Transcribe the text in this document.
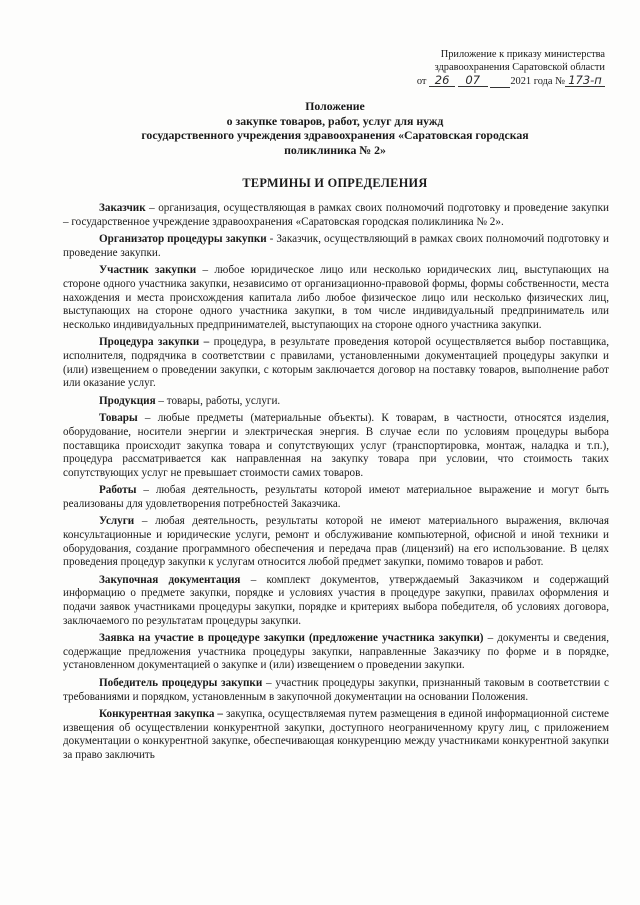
Приложение к приказу министерства
здравоохранения Саратовской области
от 26 07	2021 года № 173-п
Положение
о закупке товаров, работ, услуг для нужд
государственного учреждения здравоохранения «Саратовская городская
поликлиника № 2»
ТЕРМИНЫ И ОПРЕДЕЛЕНИЯ

Заказчик – организация, осуществляющая в рамках своих полномочий подготовку и проведение закупки – государственное учреждение здравоохранения «Саратовская городская поликлиника № 2».

Организатор процедуры закупки - Заказчик, осуществляющий в рамках своих полномочий подготовку и проведение закупки.

Участник закупки – любое юридическое лицо или несколько юридических лиц, выступающих на стороне одного участника закупки, независимо от организационно-правовой формы, формы собственности, места нахождения и места происхождения капитала либо любое физическое лицо или несколько физических лиц, выступающих на стороне одного участника закупки, в том числе индивидуальный предприниматель или несколько индивидуальных предпринимателей, выступающих на стороне одного участника закупки.

Процедура закупки – процедура, в результате проведения которой осуществляется выбор поставщика, исполнителя, подрядчика в соответствии с правилами, установленными документацией процедуры закупки и (или) извещением о проведении закупки, с которым заключается договор на поставку товаров, выполнение работ или оказание услуг.

Продукция – товары, работы, услуги.

Товары – любые предметы (материальные объекты). К товарам, в частности, относятся изделия, оборудование, носители энергии и электрическая энергия. В случае если по условиям процедуры выбора поставщика происходит закупка товара и сопутствующих услуг (транспортировка, монтаж, наладка и т.п.), процедура рассматривается как направленная на закупку товара при условии, что стоимость таких сопутствующих услуг не превышает стоимости самих товаров.

Работы – любая деятельность, результаты которой имеют материальное выражение и могут быть реализованы для удовлетворения потребностей Заказчика.

Услуги – любая деятельность, результаты которой не имеют материального выражения, включая консультационные и юридические услуги, ремонт и обслуживание компьютерной, офисной и иной техники и оборудования, создание программного обеспечения и передача прав (лицензий) на его использование. В целях проведения процедур закупки к услугам относится любой предмет закупки, помимо товаров и работ.

Закупочная документация – комплект документов, утверждаемый Заказчиком и содержащий информацию о предмете закупки, порядке и условиях участия в процедуре закупки, правилах оформления и подачи заявок участниками процедуры закупки, порядке и критериях выбора победителя, об условиях договора, заключаемого по результатам процедуры закупки.

Заявка на участие в процедуре закупки (предложение участника закупки) – документы и сведения, содержащие предложения участника процедуры закупки, направленные Заказчику по форме и в порядке, установленном документацией о закупке и (или) извещением о проведении закупки.

Победитель процедуры закупки – участник процедуры закупки, признанный таковым в соответствии с требованиями и порядком, установленным в закупочной документации на основании Положения.

Конкурентная закупка – закупка, осуществляемая путем размещения в единой информационной системе извещения об осуществлении конкурентной закупки, доступного неограниченному кругу лиц, с приложением документации о конкурентной закупке, обеспечивающая конкуренцию между участниками конкурентной закупки за право заключить
